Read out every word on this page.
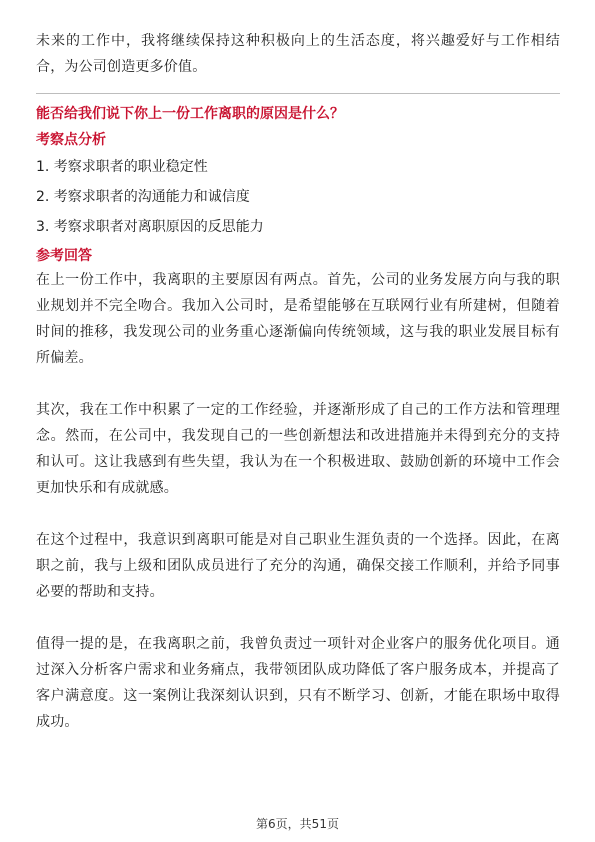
未来的工作中，我将继续保持这种积极向上的生活态度，将兴趣爱好与工作相结合，为公司创造更多价值。

能否给我们说下你上一份工作离职的原因是什么？

考察点分析

1. 考察求职者的职业稳定性
2. 考察求职者的沟通能力和诚信度
3. 考察求职者对离职原因的反思能力

参考回答

在上一份工作中，我离职的主要原因有两点。首先，公司的业务发展方向与我的职业规划并不完全吻合。我加入公司时，是希望能够在互联网行业有所建树，但随着时间的推移，我发现公司的业务重心逐渐偏向传统领域，这与我的职业发展目标有所偏差。

其次，我在工作中积累了一定的工作经验，并逐渐形成了自己的工作方法和管理理念。然而，在公司中，我发现自己的一些创新想法和改进措施并未得到充分的支持和认可。这让我感到有些失望，我认为在一个积极进取、鼓励创新的环境中工作会更加快乐和有成就感。

在这个过程中，我意识到离职可能是对自己职业生涯负责的一个选择。因此，在离职之前，我与上级和团队成员进行了充分的沟通，确保交接工作顺利，并给予同事必要的帮助和支持。

值得一提的是，在我离职之前，我曾负责过一项针对企业客户的服务优化项目。通过深入分析客户需求和业务痛点，我带领团队成功降低了客户服务成本，并提高了客户满意度。这一案例让我深刻认识到，只有不断学习、创新，才能在职场中取得成功。

第6页，共51页
